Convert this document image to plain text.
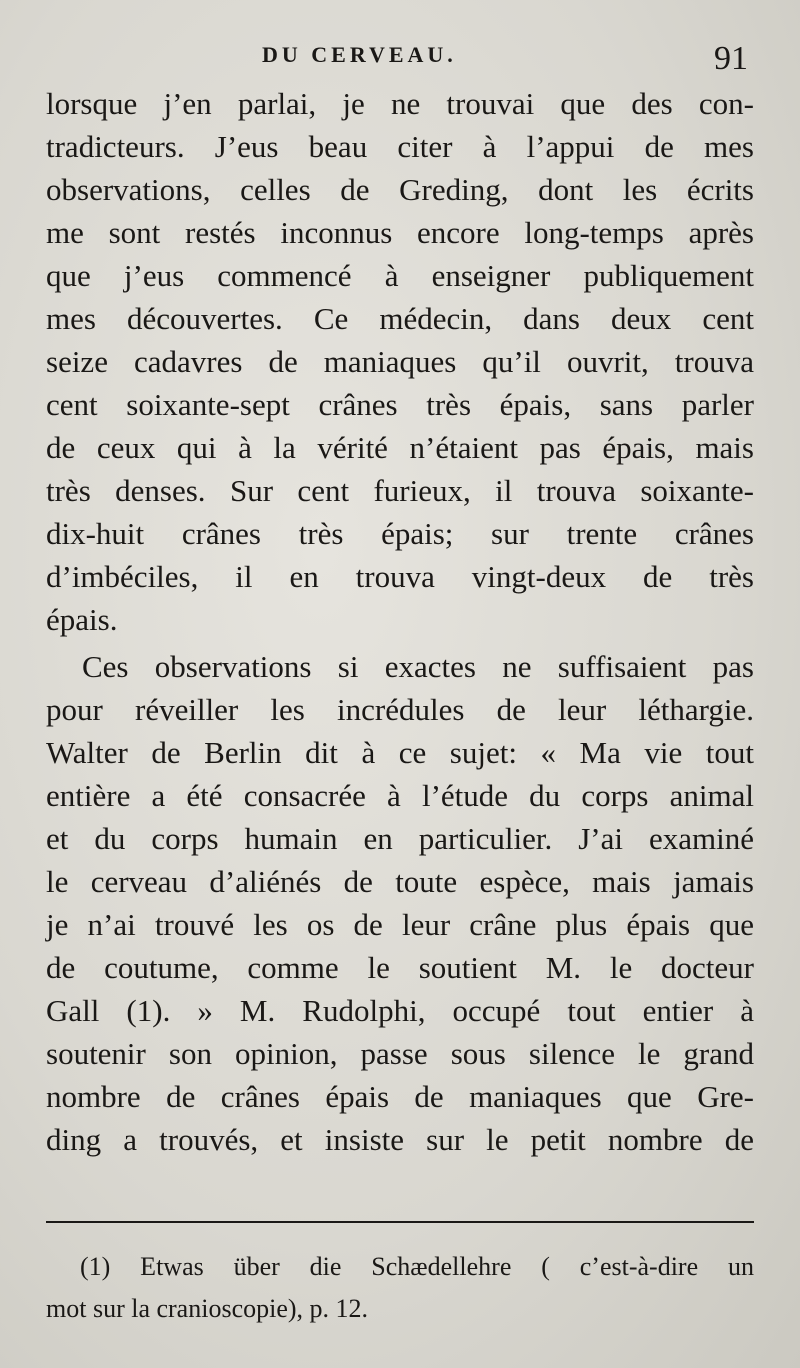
DU CERVEAU.	91
lorsque j’en parlai, je ne trouvai que des con-
tradicteurs. J’eus beau citer à l’appui de mes
observations, celles de Greding, dont les écrits
me sont restés inconnus encore long-temps après
que j’eus commencé à enseigner publiquement
mes découvertes. Ce médecin, dans deux cent
seize cadavres de maniaques qu’il ouvrit, trouva
cent soixante-sept crânes très épais, sans parler
de ceux qui à la vérité n’étaient pas épais, mais
très denses. Sur cent furieux, il trouva soixante-
dix-huit crânes très épais; sur trente crânes
d’imbéciles, il en trouva vingt-deux de très
épais.
Ces observations si exactes ne suffisaient pas
pour réveiller les incrédules de leur léthargie.
Walter de Berlin dit à ce sujet: « Ma vie tout
entière a été consacrée à l’étude du corps animal
et du corps humain en particulier. J’ai examiné
le cerveau d’aliénés de toute espèce, mais jamais
je n’ai trouvé les os de leur crâne plus épais que
de coutume, comme le soutient M. le docteur
Gall (1). » M. Rudolphi, occupé tout entier à
soutenir son opinion, passe sous silence le grand
nombre de crânes épais de maniaques que Gre-
ding a trouvés, et insiste sur le petit nombre de
(1) Etwas über die Schædellehre ( c’est-à-dire un
mot sur la cranioscopie), p. 12.
